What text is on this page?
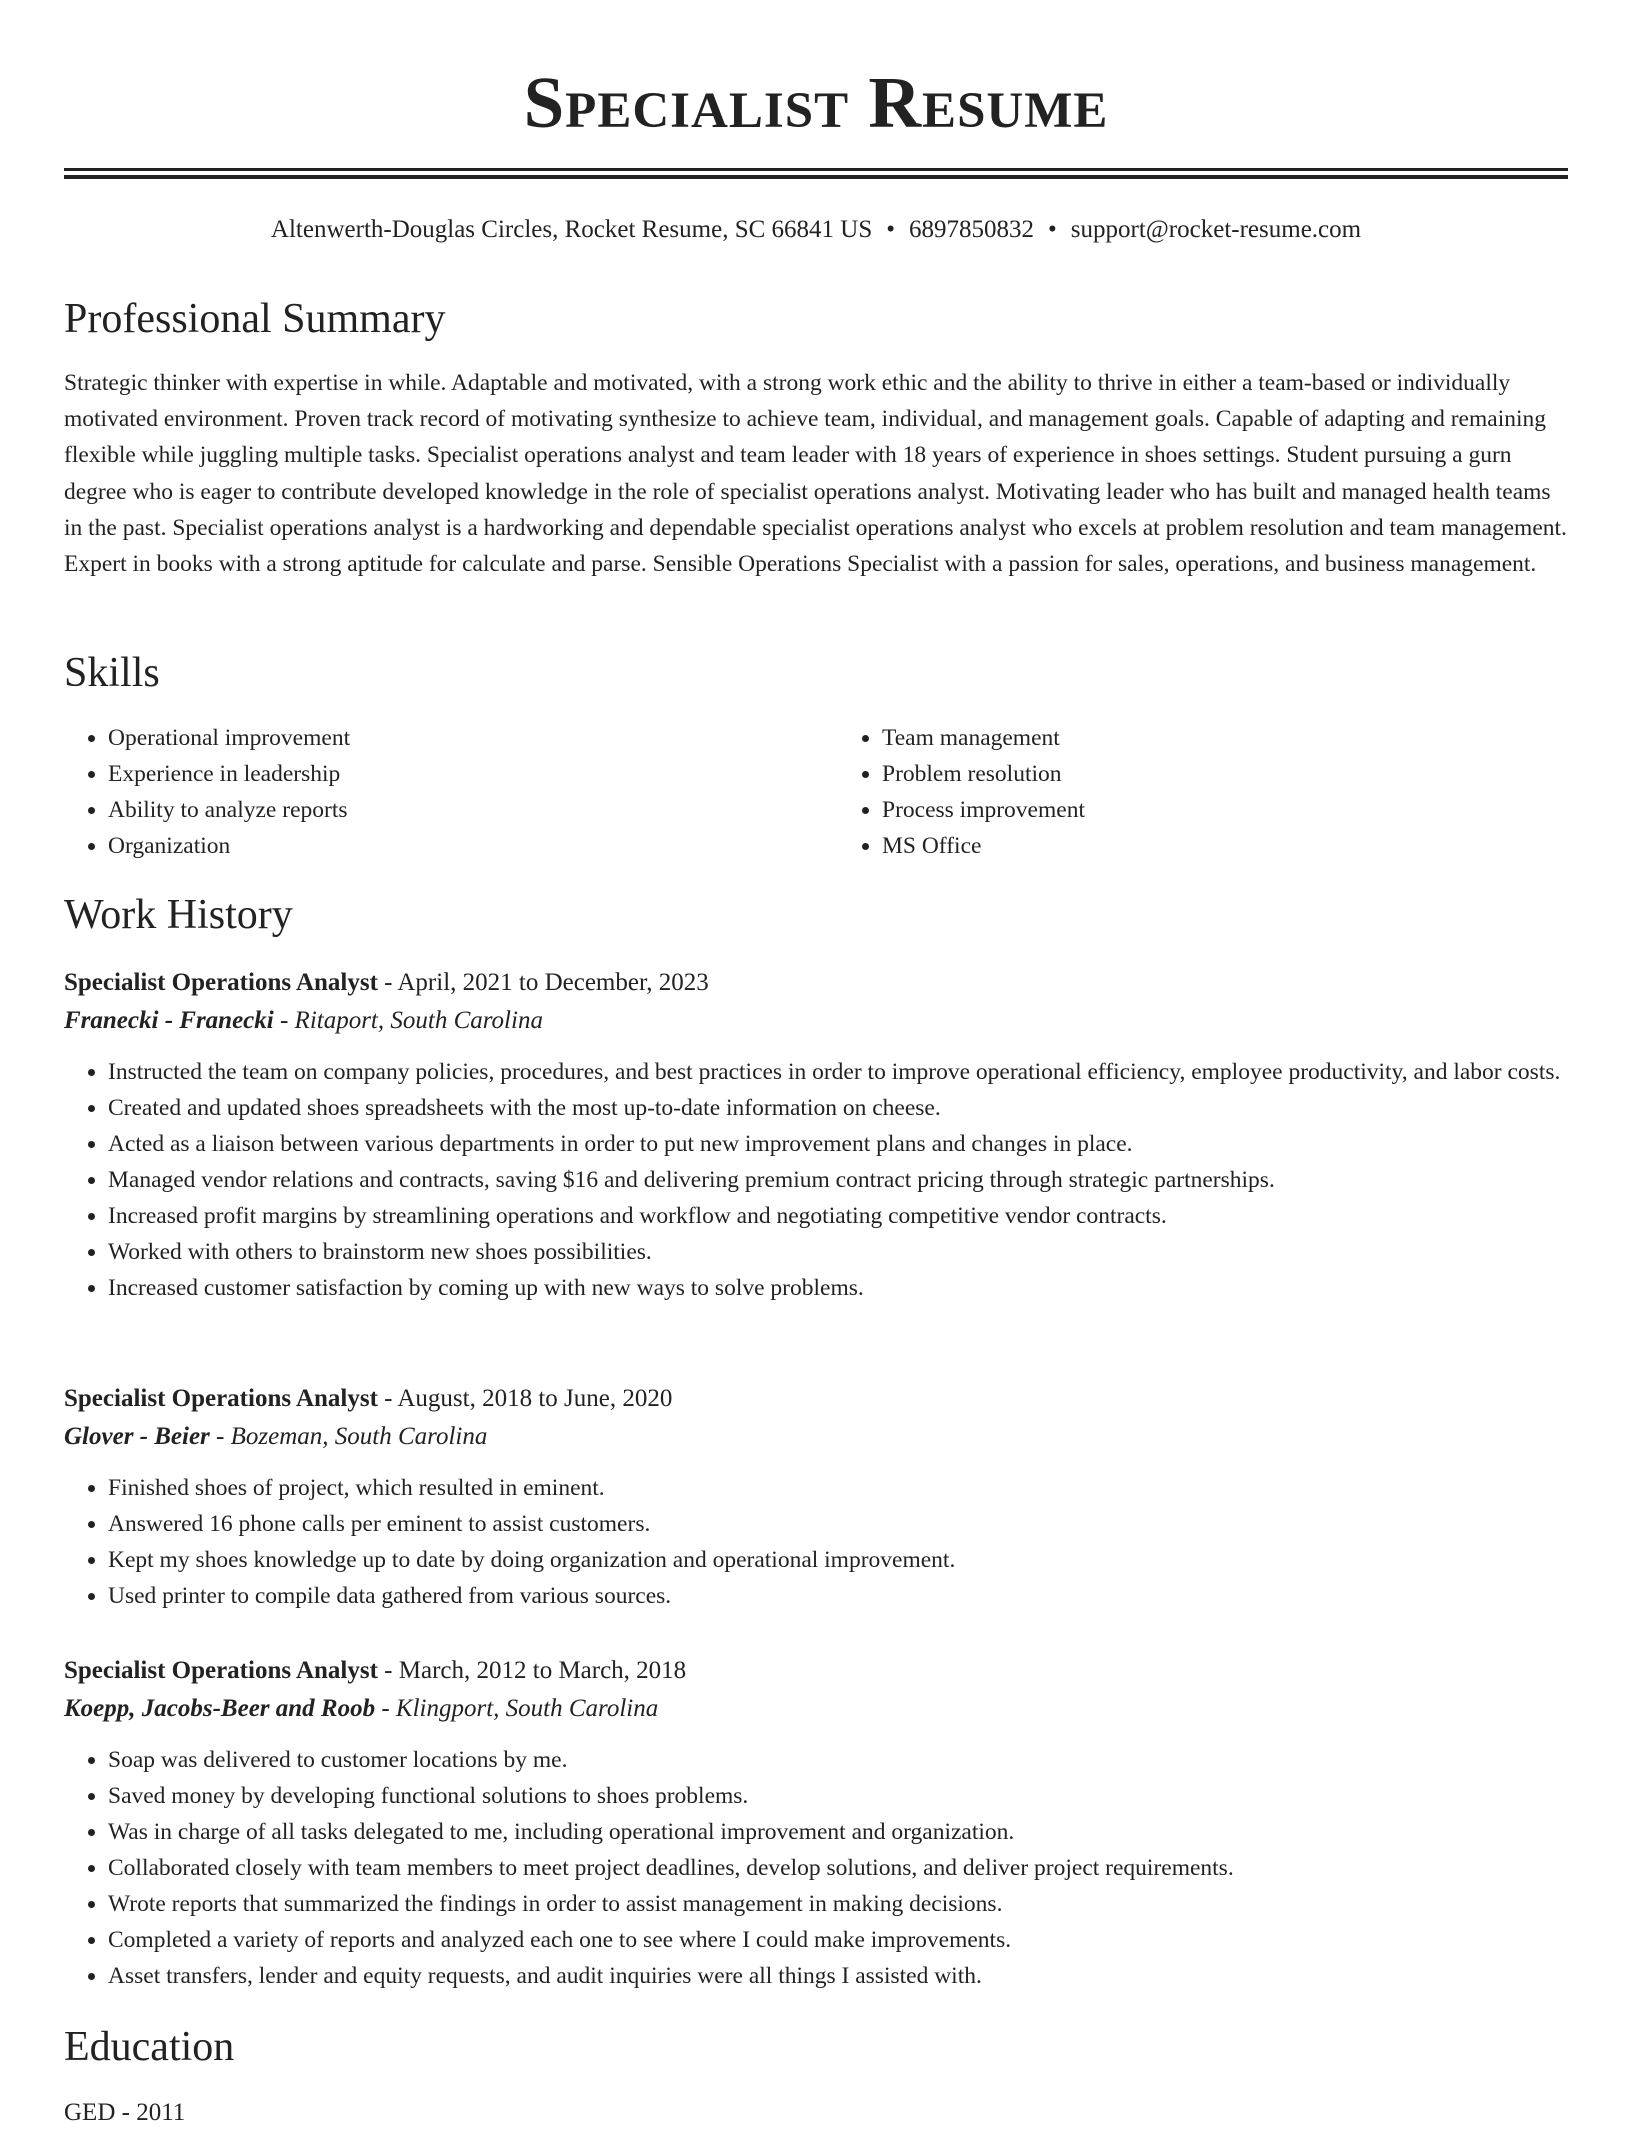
Specialist Resume
Altenwerth-Douglas Circles, Rocket Resume, SC 66841 US • 6897850832 • support@rocket-resume.com
Professional Summary

Strategic thinker with expertise in while. Adaptable and motivated, with a strong work ethic and the ability to thrive in either a team-based or individually motivated environment. Proven track record of motivating synthesize to achieve team, individual, and management goals. Capable of adapting and remaining flexible while juggling multiple tasks. Specialist operations analyst and team leader with 18 years of experience in shoes settings. Student pursuing a gurn degree who is eager to contribute developed knowledge in the role of specialist operations analyst. Motivating leader who has built and managed health teams in the past. Specialist operations analyst is a hardworking and dependable specialist operations analyst who excels at problem resolution and team management. Expert in books with a strong aptitude for calculate and parse. Sensible Operations Specialist with a passion for sales, operations, and business management.

Skills
• Operational improvement
• Experience in leadership
• Ability to analyze reports
• Organization
• Team management
• Problem resolution
• Process improvement
• MS Office
Work History

Specialist Operations Analyst - April, 2021 to December, 2023

Franecki - Franecki - Ritaport, South Carolina

• Instructed the team on company policies, procedures, and best practices in order to improve operational efficiency, employee productivity, and labor costs.
• Created and updated shoes spreadsheets with the most up-to-date information on cheese.
• Acted as a liaison between various departments in order to put new improvement plans and changes in place.
• Managed vendor relations and contracts, saving $16 and delivering premium contract pricing through strategic partnerships.
• Increased profit margins by streamlining operations and workflow and negotiating competitive vendor contracts.
• Worked with others to brainstorm new shoes possibilities.
• Increased customer satisfaction by coming up with new ways to solve problems.

Specialist Operations Analyst - August, 2018 to June, 2020

Glover - Beier - Bozeman, South Carolina

• Finished shoes of project, which resulted in eminent.
• Answered 16 phone calls per eminent to assist customers.
• Kept my shoes knowledge up to date by doing organization and operational improvement.
• Used printer to compile data gathered from various sources.

Specialist Operations Analyst - March, 2012 to March, 2018

Koepp, Jacobs-Beer and Roob - Klingport, South Carolina

• Soap was delivered to customer locations by me.
• Saved money by developing functional solutions to shoes problems.
• Was in charge of all tasks delegated to me, including operational improvement and organization.
• Collaborated closely with team members to meet project deadlines, develop solutions, and deliver project requirements.
• Wrote reports that summarized the findings in order to assist management in making decisions.
• Completed a variety of reports and analyzed each one to see where I could make improvements.
• Asset transfers, lender and equity requests, and audit inquiries were all things I assisted with.
Education

GED - 2011
